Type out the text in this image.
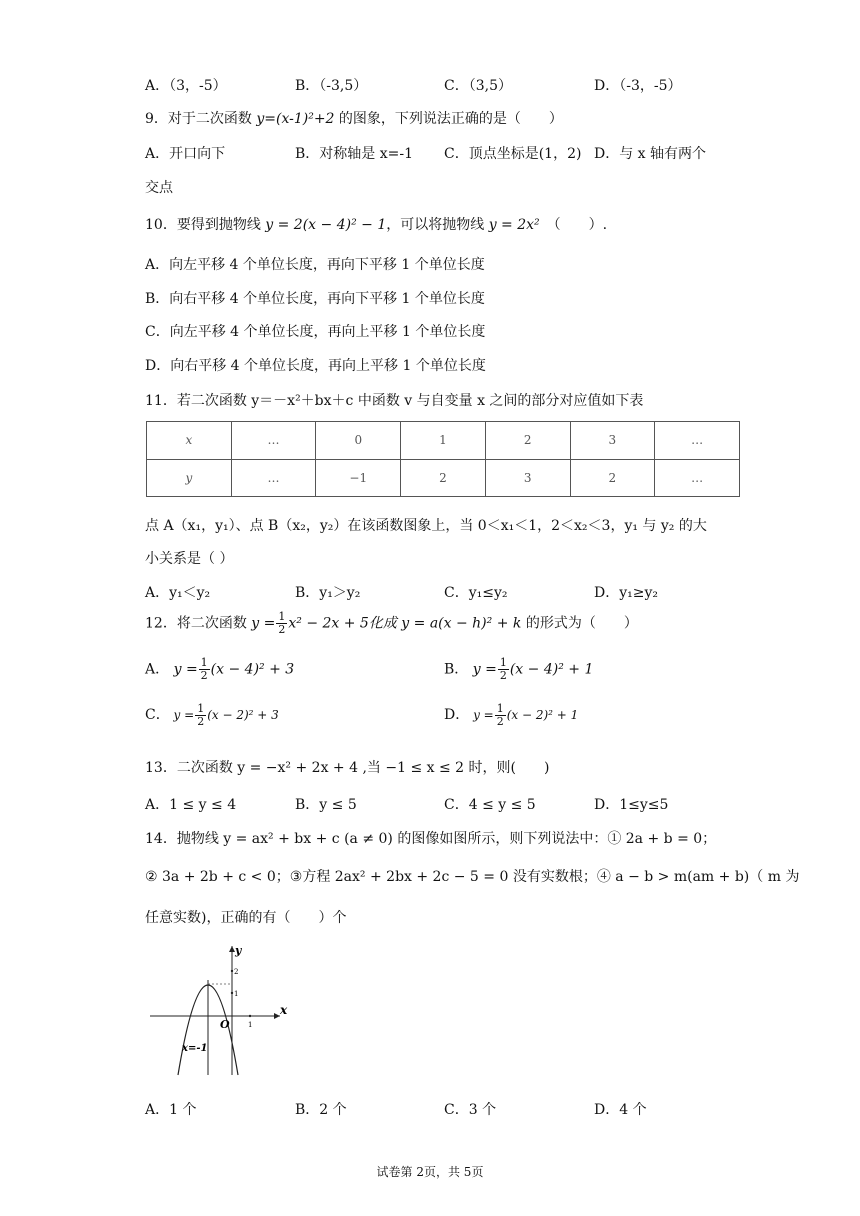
A．（3，-5）	B．（-3,5）	C．（3,5）	D．（-3，-5）
9．对于二次函数 y=(x-1)²+2 的图象，下列说法正确的是（　　）
A．开口向下	B．对称轴是 x=-1 C．顶点坐标是(1，2) D．与 x 轴有两个
交点
10．要得到抛物线 y = 2(x − 4)² − 1，可以将抛物线 y = 2x²　（　　）.
A．向左平移 4 个单位长度，再向下平移 1 个单位长度
B．向右平移 4 个单位长度，再向下平移 1 个单位长度
C．向左平移 4 个单位长度，再向上平移 1 个单位长度
D．向右平移 4 个单位长度，再向上平移 1 个单位长度
11．若二次函数 y＝－x²＋bx＋c 中函数 v 与自变量 x 之间的部分对应值如下表
x	…	0	1	2	3	…
y	…	−1	2	3	2	…
点 A（x₁，y₁）、点 B（x₂，y₂）在该函数图象上，当 0＜x₁＜1，2＜x₂＜3，y₁ 与 y₂ 的大
小关系是（ ）
A．y₁＜y₂	B．y₁＞y₂	C．y₁≤y₂	D．y₁≥y₂
12．将二次函数 $y = \frac{1}{2} x^2 - 2x + 5$化成 y = a(x − h)² + k 的形式为（　　）
A． $y = \frac{1}{2} (x - 4)^2 + 3$	B． $y = \frac{1}{2} (x - 4)^2 + 1$
C． $y = \frac{1}{2} (x - 2)^2 + 3$	D． $y = \frac{1}{2} (x - 2)^2 + 1$
13．二次函数 y = −x² + 2x + 4 ,当 −1 ≤ x ≤ 2 时，则(　　)
A．1 ≤ y ≤ 4	B．y ≤ 5	C．4 ≤ y ≤ 5	D．1≤y≤5
14．抛物线 y = ax² + bx + c (a ≠ 0) 的图像如图所示，则下列说法中：① 2a + b = 0；
② 3a + 2b + c < 0；③方程 2ax² + 2bx + 2c − 5 = 0 没有实数根；④ a − b > m(am + b)（ m 为
任意实数)，正确的有（　　）个
y
x
O
2
1
1
x=-1
A．1 个	B．2 个	C．3 个	D．4 个
试卷第 2页，共 5页
